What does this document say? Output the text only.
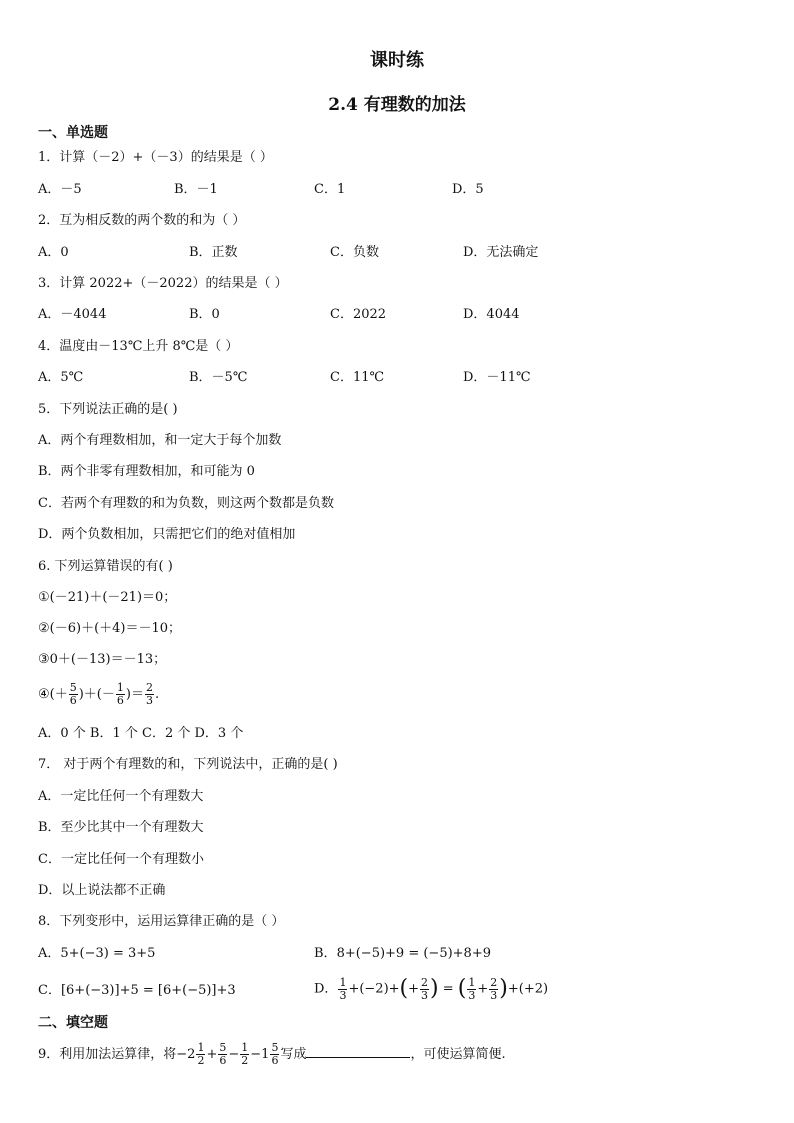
课时练
2.4 有理数的加法
一、单选题
1．计算（－2）+（－3）的结果是（ ）
A．－5	B．－1	C．1	D．5
2．互为相反数的两个数的和为（ ）
A．0	B．正数	C．负数	D．无法确定
3．计算 2022+（－2022）的结果是（ ）
A．－4044	B．0	C．2022	D．4044
4．温度由－13℃上升 8℃是（ ）
A．5℃	B．－5℃	C．11℃	D．－11℃
5．下列说法正确的是( )
A．两个有理数相加，和一定大于每个加数
B．两个非零有理数相加，和可能为 0
C．若两个有理数的和为负数，则这两个数都是负数
D．两个负数相加，只需把它们的绝对值相加
6. 下列运算错误的有( )
①(－21)＋(－21)＝0；
②(－6)＋(＋4)＝－10；
③0＋(－13)＝－13；
④(＋ $\frac{5}{6}$ )＋(－ $\frac{1}{6}$ )＝ $\frac{2}{3}$ .
A．0 个 B．1 个 C．2 个 D．3 个
7． 对于两个有理数的和，下列说法中，正确的是( )
A．一定比任何一个有理数大
B．至少比其中一个有理数大
C．一定比任何一个有理数小
D．以上说法都不正确
8．下列变形中，运用运算律正确的是（ ）
A．5+(−3) = 3+5	B．8+(−5)+9 = (−5)+8+9
C．[6+(−3)]+5 = [6+(−5)]+3	D． $\frac{1}{3} +(-2)+(+ \frac{2}{3}$ ) = ( $\frac{1}{3} + \frac{2}{3} )+(+2)$
二、填空题
9．利用加法运算律，将$-2 \frac{1}{2} + \frac{5}{6} - \frac{1}{2} -1 \frac{5}{6}$ 写成	，可使运算简便.
